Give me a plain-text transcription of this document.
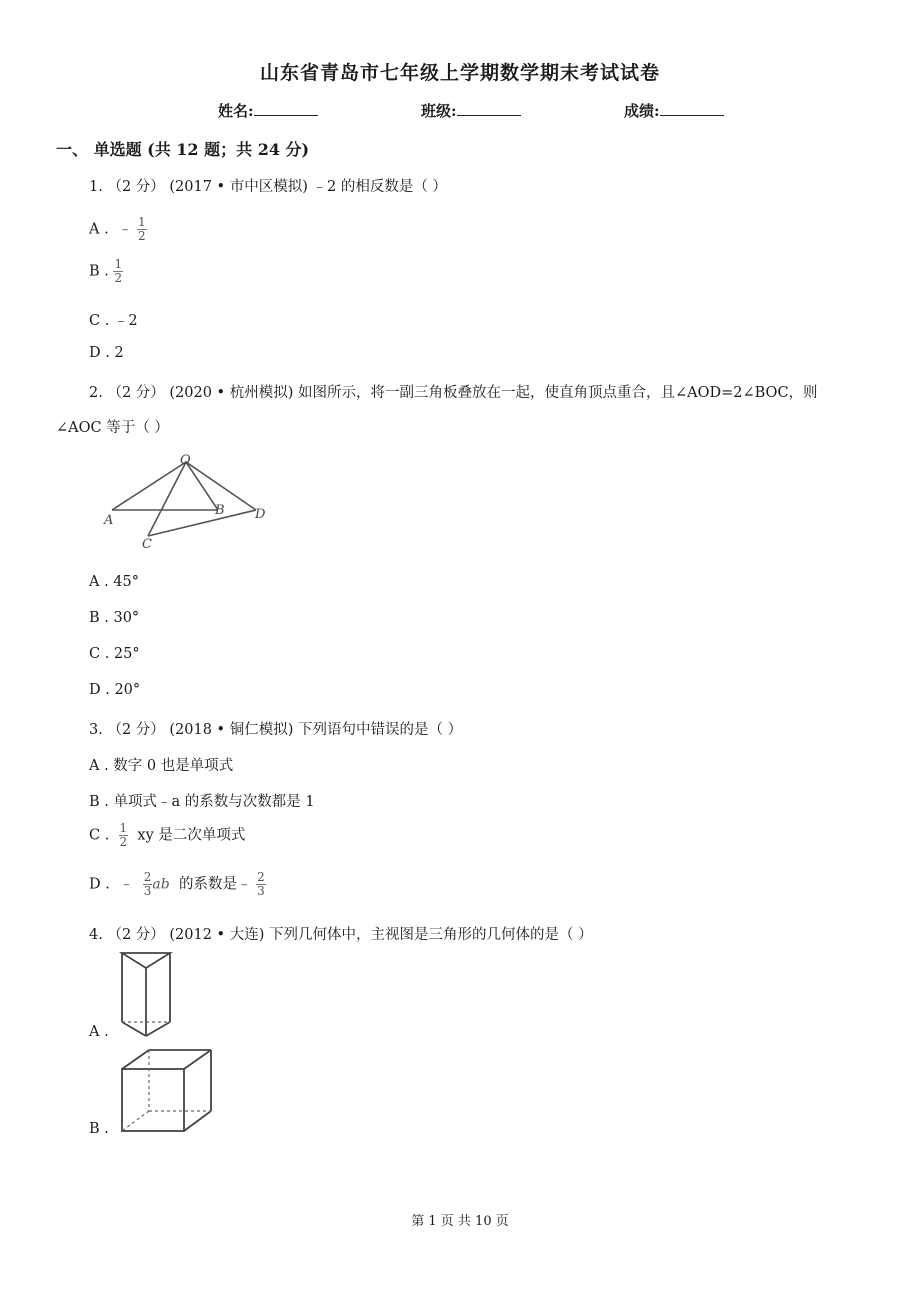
山东省青岛市七年级上学期数学期末考试试卷
姓名:	班级:	成绩:
一、 单选题 (共 12 题；共 24 分)
1. （2 分） (2017 • 市中区模拟) ﹣2 的相反数是（ ）
A . ﹣ $\frac{1}{2}$
B . $\frac{1}{2}$
C . ﹣2
D . 2
2. （2 分） (2020 • 杭州模拟) 如图所示，将一副三角板叠放在一起，使直角顶点重合，且∠AOD=2∠BOC，则
∠AOC 等于（ ）
O
A
B
C
D
A . 45°
B . 30°
C . 25°
D . 20°
3. （2 分） (2018 • 铜仁模拟) 下列语句中错误的是（ ）
A . 数字 0 也是单项式
B . 单项式﹣a 的系数与次数都是 1
C . $\frac{1}{2}$ xy 是二次单项式
D . ﹣ $\frac{2}{3}$ ab 的系数是﹣ $\frac{2}{3}$
4. （2 分） (2012 • 大连) 下列几何体中，主视图是三角形的几何体的是（ ）
A .
B .
第 1 页 共 10 页
